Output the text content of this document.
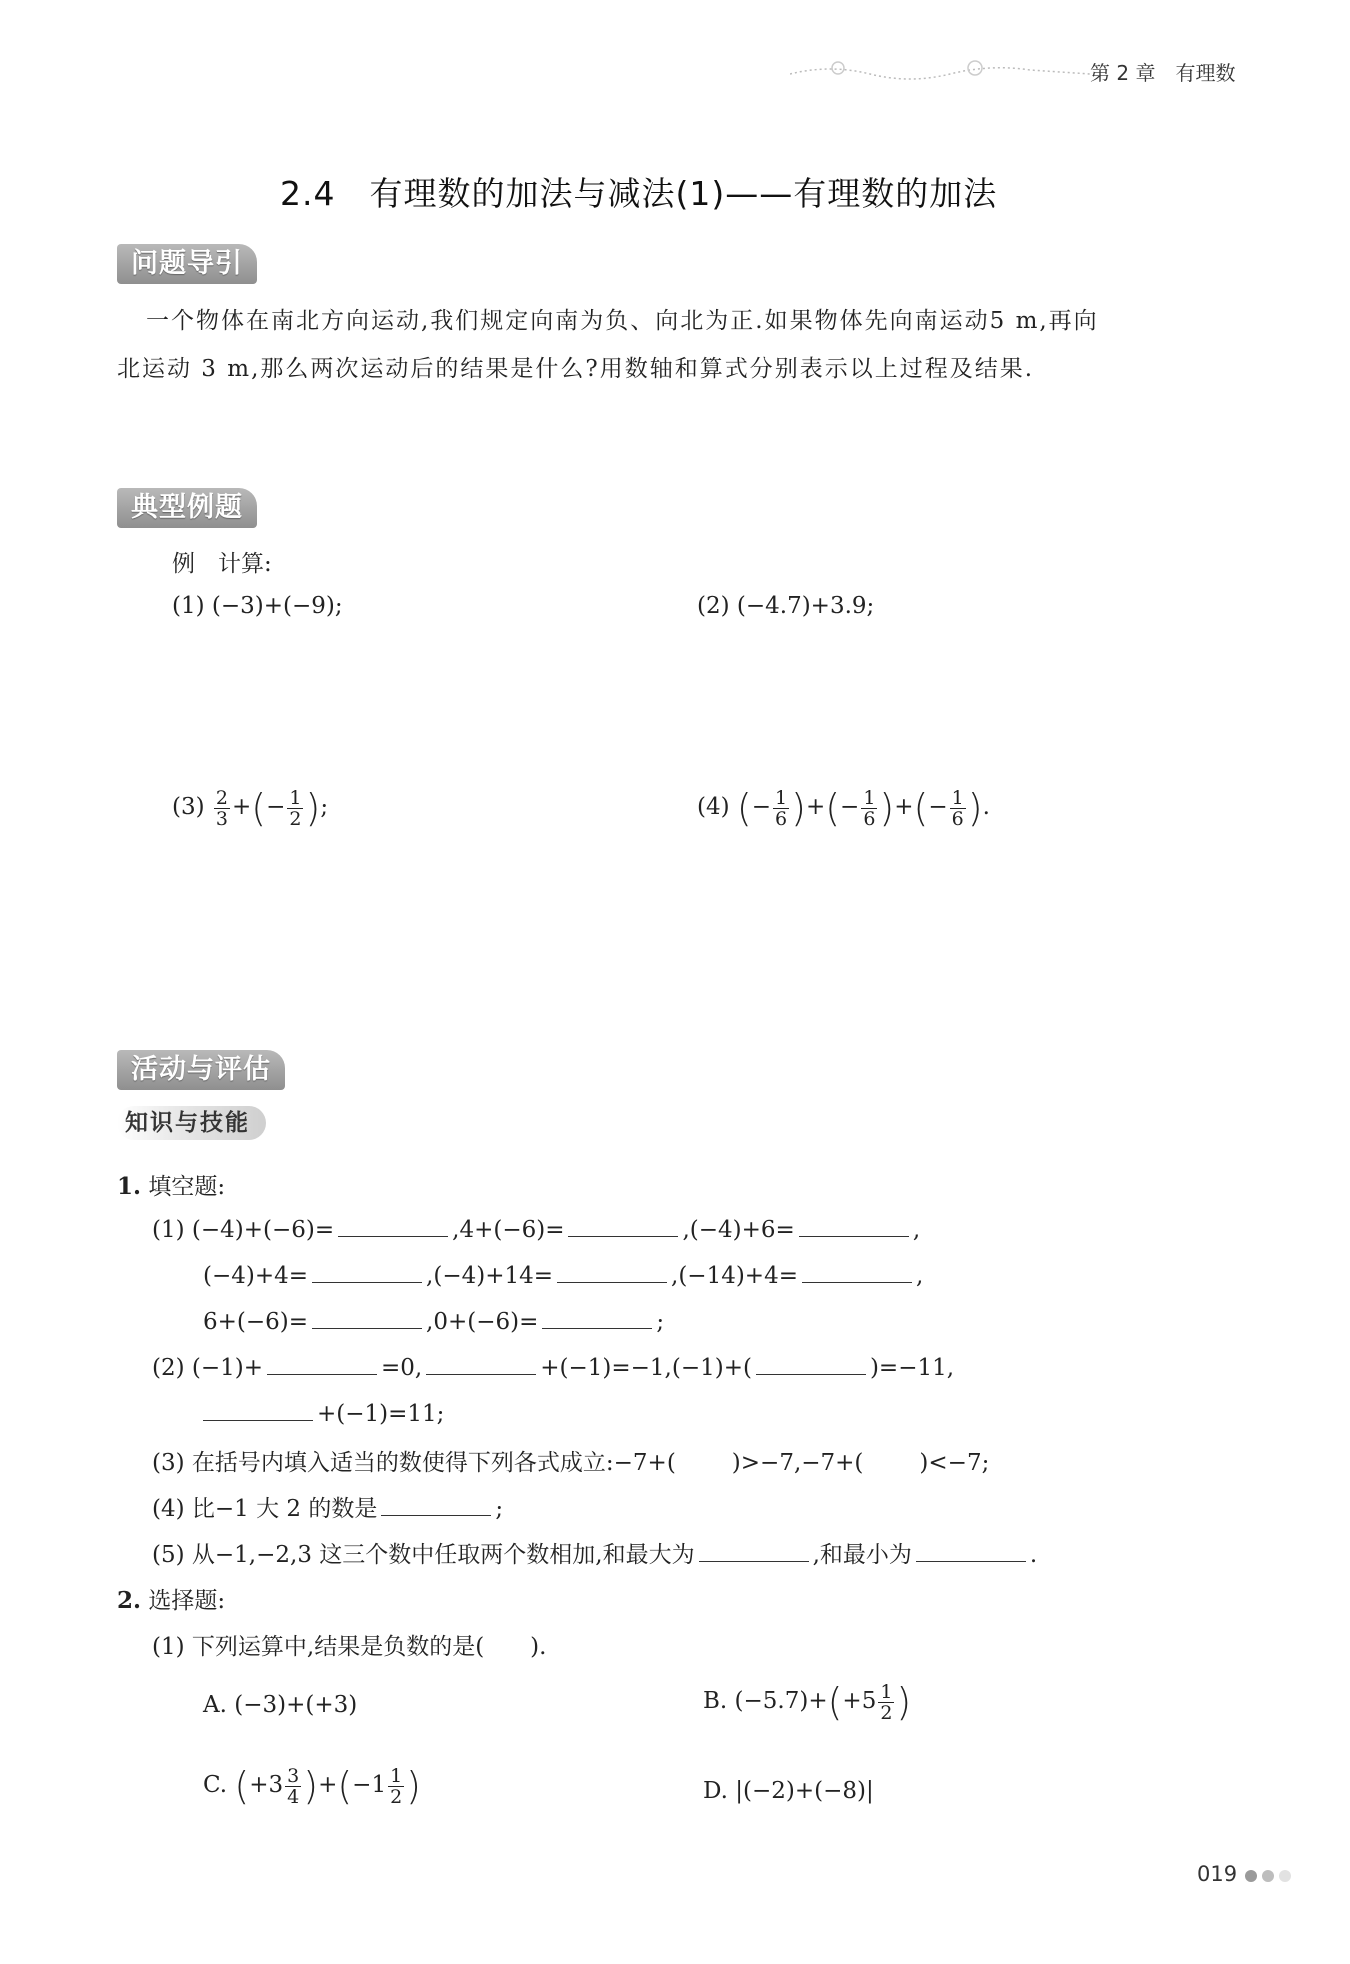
第 2 章　有理数
2.4　有理数的加法与减法(1)——有理数的加法
问题导引
一个物体在南北方向运动,我们规定向南为负、向北为正.如果物体先向南运动5 m,再向
北运动 3 m,那么两次运动后的结果是什么?用数轴和算式分别表示以上过程及结果.
典型例题
例　计算:
(1) (−3)+(−9);	(2) (−4.7)+3.9;
$(3) \frac{2}{3}$ +(− $\frac{1}{2}$ );	(4) (− $\frac{1}{6}$ )+(− $\frac{1}{6}$ )+(− $\frac{1}{6}$ ).
活动与评估
知识与技能
1. 填空题:
(1) (−4)+(−6)=	,4+(−6)=	,(−4)+6=	,
(−4)+4=	,(−4)+14=	,(−14)+4=	,
6+(−6)=	,0+(−6)=	;
(2) (−1)+	=0,	+(−1)=−1,(−1)+(	)=−11,
+(−1)=11;
(3) 在括号内填入适当的数使得下列各式成立:−7+( )>−7,−7+( )<−7;
(4) 比−1 大 2 的数是	;
(5) 从−1,−2,3 这三个数中任取两个数相加,和最大为	,和最小为	.
2. 选择题:
(1) 下列运算中,结果是负数的是(　　).
A. (−3)+(+3)	B. $(-5.7)+(+5 \frac{1}{2}$ )
C. $(+3 \frac{3}{4} )+(-1 \frac{1}{2}$ )	D. |(−2)+(−8)|
019
